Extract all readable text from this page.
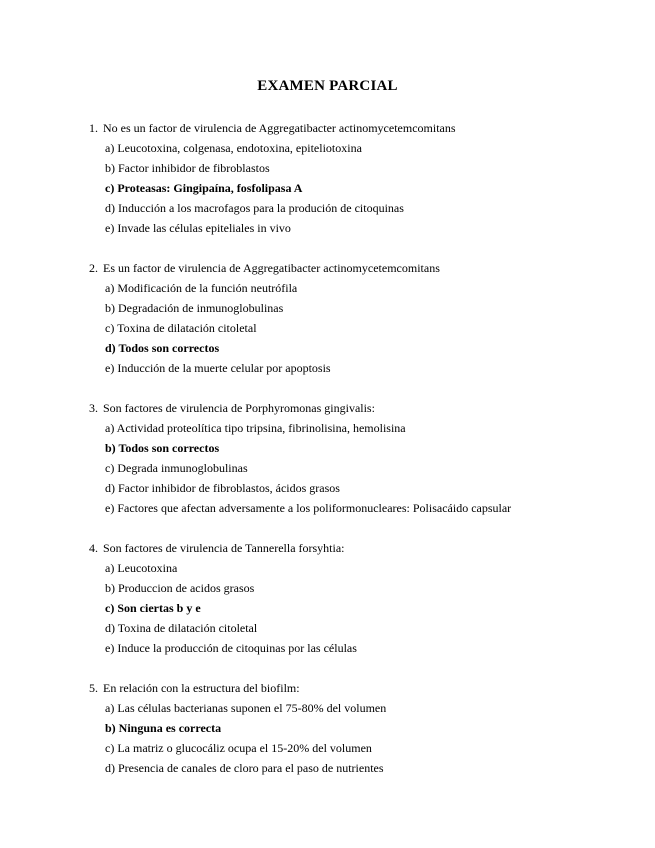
EXAMEN PARCIAL
1. No es un factor de virulencia de Aggregatibacter actinomycetemcomitans
a) Leucotoxina, colgenasa, endotoxina, epiteliotoxina
b) Factor inhibidor de fibroblastos
c) Proteasas: Gingipaína, fosfolipasa A
d) Inducción a los macrofagos para la produción de citoquinas
e) Invade las células epiteliales in vivo
2. Es un factor de virulencia de Aggregatibacter actinomycetemcomitans
a) Modificación de la función neutrófila
b) Degradación de inmunoglobulinas
c) Toxina de dilatación citoletal
d) Todos son correctos
e) Inducción de la muerte celular por apoptosis
3. Son factores de virulencia de Porphyromonas gingivalis:
a) Actividad proteolítica tipo tripsina, fibrinolisina, hemolisina
b) Todos son correctos
c) Degrada inmunoglobulinas
d) Factor inhibidor de fibroblastos, ácidos grasos
e) Factores que afectan adversamente a los poliformonucleares: Polisacáido capsular
4. Son factores de virulencia de Tannerella forsyhtia:
a) Leucotoxina
b) Produccion de acidos grasos
c) Son ciertas b y e
d) Toxina de dilatación citoletal
e) Induce la producción de citoquinas por las células
5. En relación con la estructura del biofilm:
a) Las células bacterianas suponen el 75-80% del volumen
b) Ninguna es correcta
c) La matriz o glucocáliz ocupa el 15-20% del volumen
d) Presencia de canales de cloro para el paso de nutrientes
